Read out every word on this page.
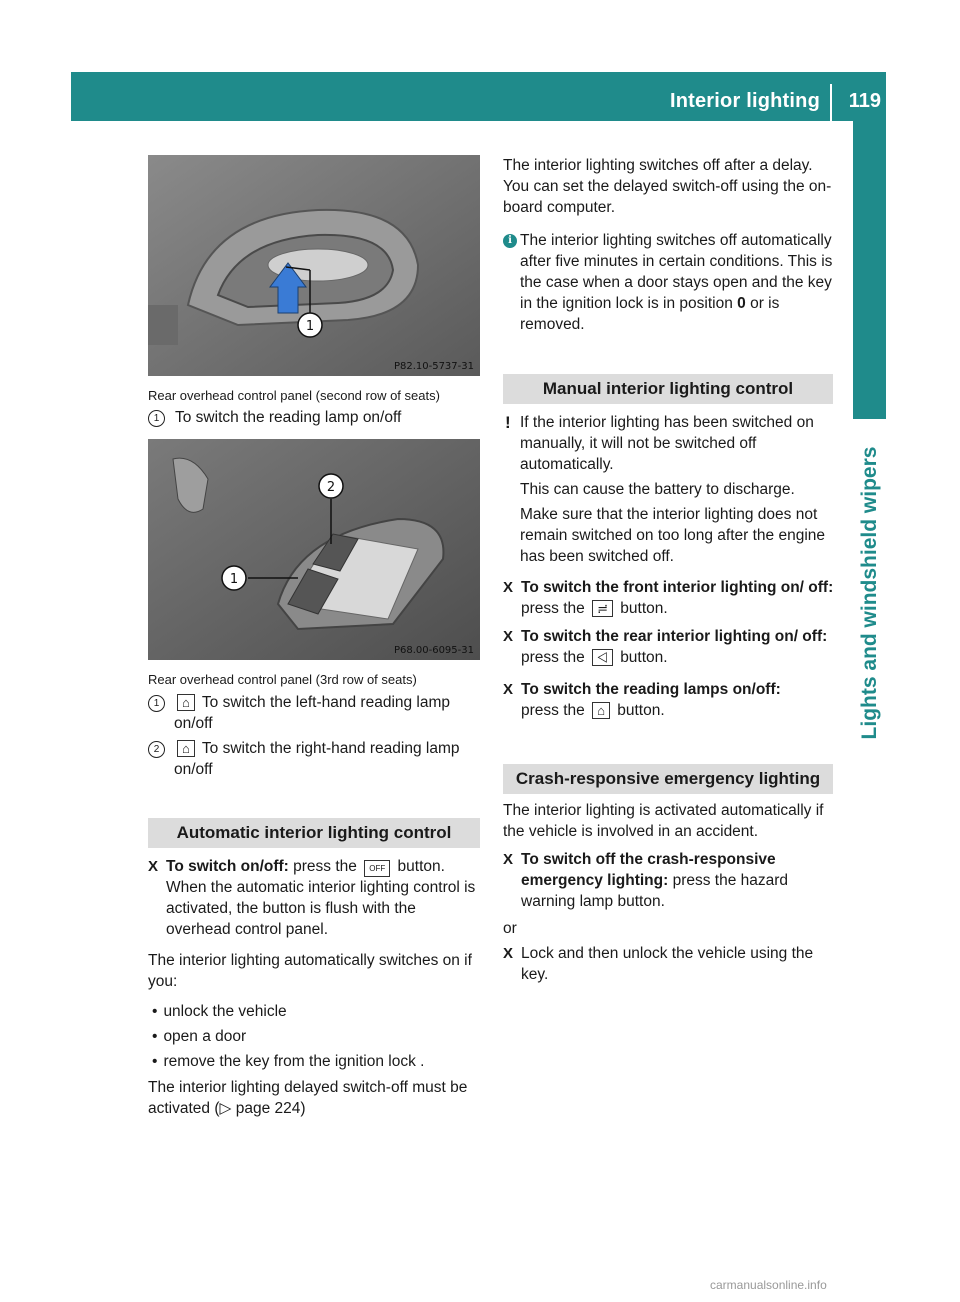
Interior lighting 119
Lights and windshield wipers
1
P82.10-5737-31
Rear overhead control panel (second row of seats)
1 To switch the reading lamp on/off
1
2
P68.00-6095-31
Rear overhead control panel (3rd row of seats)
1	⌂ To switch the left-hand reading lamp on/off
2	⌂ To switch the right-hand reading lamp on/off
Automatic interior lighting control
X To switch on/off: press the OFF button.
When the automatic interior lighting control is activated, the button is flush with the overhead control panel.
The interior lighting automatically switches on if you:
• unlock the vehicle
• open a door
• remove the key from the ignition lock .
The interior lighting delayed switch-off must be activated (▷ page 224)
The interior lighting switches off after a delay. You can set the delayed switch-off using the on-board computer.
i The interior lighting switches off automatically after five minutes in certain conditions. This is the case when a door stays open and the key in the ignition lock is in position 0 or is removed.
Manual interior lighting control
! If the interior lighting has been switched on manually, it will not be switched off automatically.
This can cause the battery to discharge.
Make sure that the interior lighting does not remain switched on too long after the engine has been switched off.
X To switch the front interior lighting on/ off: press the ≓ button.
X To switch the rear interior lighting on/ off: press the ⨞ button.
X To switch the reading lamps on/off:
press the ⌂ button.
Crash-responsive emergency lighting
The interior lighting is activated automatically if the vehicle is involved in an accident.
X To switch off the crash-responsive emergency lighting: press the hazard warning lamp button.
or
X Lock and then unlock the vehicle using the key.
carmanualsonline.info
